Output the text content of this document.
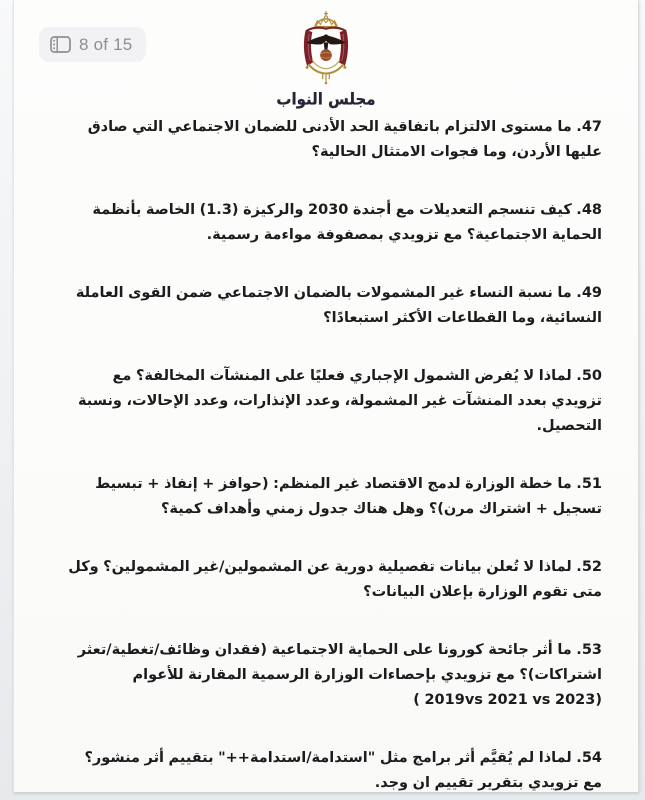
8 of 15
مجلس النواب
47. ما مستوى الالتزام باتفاقية الحد الأدنى للضمان الاجتماعي التي صادق عليها الأردن، وما فجوات الامتثال الحالية؟
48. كيف تنسجم التعديلات مع أجندة 2030 والركيزة (1.3) الخاصة بأنظمة الحماية الاجتماعية؟ مع تزويدي بمصفوفة مواءمة رسمية.
49. ما نسبة النساء غير المشمولات بالضمان الاجتماعي ضمن القوى العاملة النسائية، وما القطاعات الأكثر استبعادًا؟
50. لماذا لا يُفرض الشمول الإجباري فعليًا على المنشآت المخالفة؟ مع تزويدي بعدد المنشآت غير المشمولة، وعدد الإنذارات، وعدد الإحالات، ونسبة التحصيل.
51. ما خطة الوزارة لدمج الاقتصاد غير المنظم: (حوافز + إنفاذ + تبسيط تسجيل + اشتراك مرن)؟ وهل هناك جدول زمني وأهداف كمية؟
52. لماذا لا تُعلن بيانات تفصيلية دورية عن المشمولين/غير المشمولين؟ وكل متى تقوم الوزارة بإعلان البيانات؟
53. ما أثر جائحة كورونا على الحماية الاجتماعية (فقدان وظائف/تغطية/تعثر اشتراكات)؟ مع تزويدي بإحصاءات الوزارة الرسمية المقارنة للأعوام (2019vs 2021 vs 2023 )
54. لماذا لم يُقيَّم أثر برامج مثل "استدامة/استدامة++" بتقييم أثر منشور؟ مع تزويدي بتقرير تقييم ان وجد.
